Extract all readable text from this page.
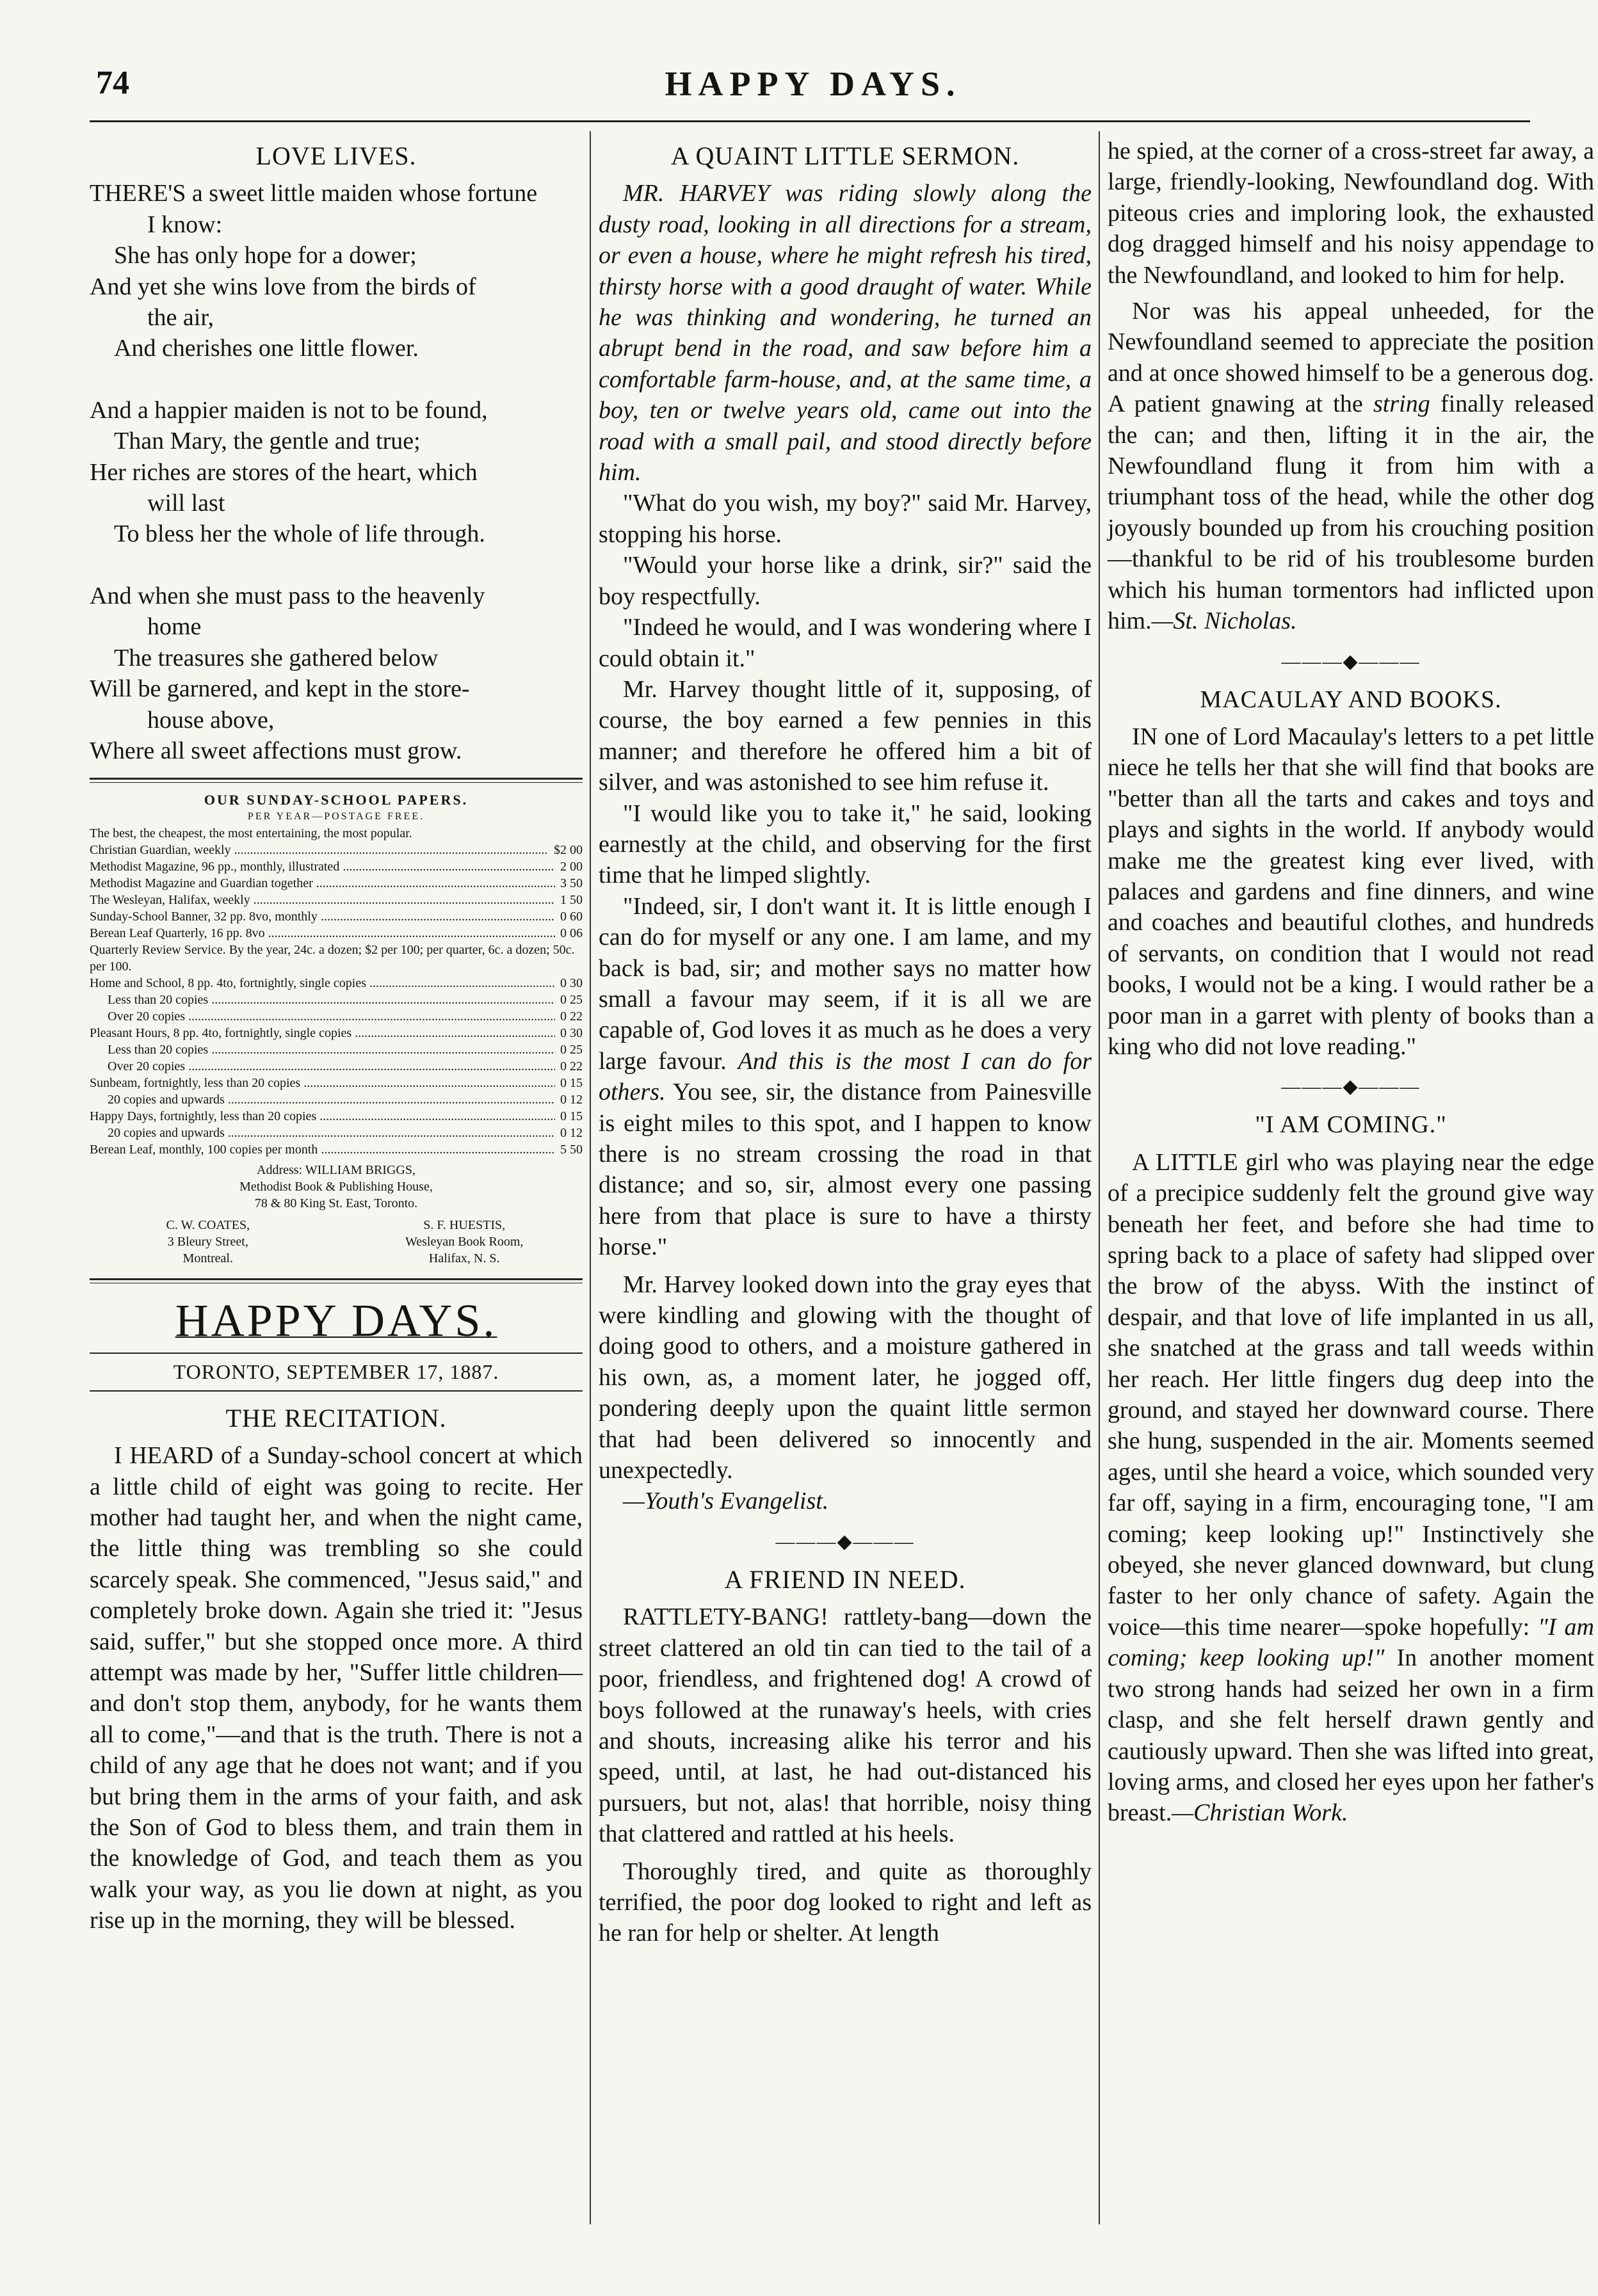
74	HAPPY DAYS.
LOVE LIVES.
THERE'S a sweet little maiden whose fortune
I know:
She has only hope for a dower;
And yet she wins love from the birds of
the air,
And cherishes one little flower.
And a happier maiden is not to be found,
Than Mary, the gentle and true;
Her riches are stores of the heart, which
will last
To bless her the whole of life through.
And when she must pass to the heavenly
home
The treasures she gathered below
Will be garnered, and kept in the store-
house above,
Where all sweet affections must grow.
OUR SUNDAY-SCHOOL PAPERS.
PER YEAR—POSTAGE FREE.
The best, the cheapest, the most entertaining, the most popular.
Christian Guardian, weekly .....	$2 00
Methodist Magazine, 96 pp., monthly, illustrated .....	2 00
Methodist Magazine and Guardian together .....	3 50
The Wesleyan, Halifax, weekly .....	1 50
Sunday-School Banner, 32 pp. 8vo, monthly .....	0 60
Berean Leaf Quarterly, 16 pp. 8vo .....	0 06
Quarterly Review Service. By the year, 24c. a dozen; $2 per 100; per quarter, 6c. a dozen; 50c. per 100.
Home and School, 8 pp. 4to, fortnightly, single copies .....	0 30
Less than 20 copies .....	0 25
Over 20 copies .....	0 22
Pleasant Hours, 8 pp. 4to, fortnightly, single copies .....	0 30
Less than 20 copies .....	0 25
Over 20 copies .....	0 22
Sunbeam, fortnightly, less than 20 copies .....	0 15
20 copies and upwards .....	0 12
Happy Days, fortnightly, less than 20 copies .....	0 15
20 copies and upwards .....	0 12
Berean Leaf, monthly, 100 copies per month .....	5 50
Address: WILLIAM BRIGGS,
Methodist Book & Publishing House,
78 & 80 King St. East, Toronto.
C. W. COATES,
3 Bleury Street,
Montreal.
S. F. HUESTIS,
Wesleyan Book Room,
Halifax, N. S.
HAPPY DAYS.
TORONTO, SEPTEMBER 17, 1887.
THE RECITATION.

I HEARD of a Sunday-school concert at which a little child of eight was going to recite. Her mother had taught her, and when the night came, the little thing was trembling so she could scarcely speak. She commenced, "Jesus said," and completely broke down. Again she tried it: "Jesus said, suffer," but she stopped once more. A third attempt was made by her, "Suffer little children—and don't stop them, anybody, for he wants them all to come,"—and that is the truth. There is not a child of any age that he does not want; and if you but bring them in the arms of your faith, and ask the Son of God to bless them, and train them in the knowledge of God, and teach them as you walk your way, as you lie down at night, as you rise up in the morning, they will be blessed.

A QUAINT LITTLE SERMON.

MR. HARVEY was riding slowly along the dusty road, looking in all directions for a stream, or even a house, where he might refresh his tired, thirsty horse with a good draught of water. While he was thinking and wondering, he turned an abrupt bend in the road, and saw before him a comfortable farm-house, and, at the same time, a boy, ten or twelve years old, came out into the road with a small pail, and stood directly before him.

"What do you wish, my boy?" said Mr. Harvey, stopping his horse.

"Would your horse like a drink, sir?" said the boy respectfully.

"Indeed he would, and I was wondering where I could obtain it."

Mr. Harvey thought little of it, supposing, of course, the boy earned a few pennies in this manner; and therefore he offered him a bit of silver, and was astonished to see him refuse it.

"I would like you to take it," he said, looking earnestly at the child, and observing for the first time that he limped slightly.

"Indeed, sir, I don't want it. It is little enough I can do for myself or any one. I am lame, and my back is bad, sir; and mother says no matter how small a favour may seem, if it is all we are capable of, God loves it as much as he does a very large favour. And this is the most I can do for others. You see, sir, the distance from Painesville is eight miles to this spot, and I happen to know there is no stream crossing the road in that distance; and so, sir, almost every one passing here from that place is sure to have a thirsty horse."

Mr. Harvey looked down into the gray eyes that were kindling and glowing with the thought of doing good to others, and a moisture gathered in his own, as, a moment later, he jogged off, pondering deeply upon the quaint little sermon that had been delivered so innocently and unexpectedly.

—Youth's Evangelist.

———◆———
A FRIEND IN NEED.

RATTLETY-BANG! rattlety-bang—down the street clattered an old tin can tied to the tail of a poor, friendless, and frightened dog! A crowd of boys followed at the runaway's heels, with cries and shouts, increasing alike his terror and his speed, until, at last, he had out-distanced his pursuers, but not, alas! that horrible, noisy thing that clattered and rattled at his heels.

Thoroughly tired, and quite as thoroughly terrified, the poor dog looked to right and left as he ran for help or shelter. At length

he spied, at the corner of a cross-street far away, a large, friendly-looking, Newfoundland dog. With piteous cries and imploring look, the exhausted dog dragged himself and his noisy appendage to the Newfoundland, and looked to him for help.

Nor was his appeal unheeded, for the Newfoundland seemed to appreciate the position and at once showed himself to be a generous dog. A patient gnawing at the string finally released the can; and then, lifting it in the air, the Newfoundland flung it from him with a triumphant toss of the head, while the other dog joyously bounded up from his crouching position—thankful to be rid of his troublesome burden which his human tormentors had inflicted upon him.—St. Nicholas.

———◆———
MACAULAY AND BOOKS.

IN one of Lord Macaulay's letters to a pet little niece he tells her that she will find that books are "better than all the tarts and cakes and toys and plays and sights in the world. If anybody would make me the greatest king ever lived, with palaces and gardens and fine dinners, and wine and coaches and beautiful clothes, and hundreds of servants, on condition that I would not read books, I would not be a king. I would rather be a poor man in a garret with plenty of books than a king who did not love reading."

———◆———
"I AM COMING."

A LITTLE girl who was playing near the edge of a precipice suddenly felt the ground give way beneath her feet, and before she had time to spring back to a place of safety had slipped over the brow of the abyss. With the instinct of despair, and that love of life implanted in us all, she snatched at the grass and tall weeds within her reach. Her little fingers dug deep into the ground, and stayed her downward course. There she hung, suspended in the air. Moments seemed ages, until she heard a voice, which sounded very far off, saying in a firm, encouraging tone, "I am coming; keep looking up!" Instinctively she obeyed, she never glanced downward, but clung faster to her only chance of safety. Again the voice—this time nearer—spoke hopefully: "I am coming; keep looking up!" In another moment two strong hands had seized her own in a firm clasp, and she felt herself drawn gently and cautiously upward. Then she was lifted into great, loving arms, and closed her eyes upon her father's breast.—Christian Work.
